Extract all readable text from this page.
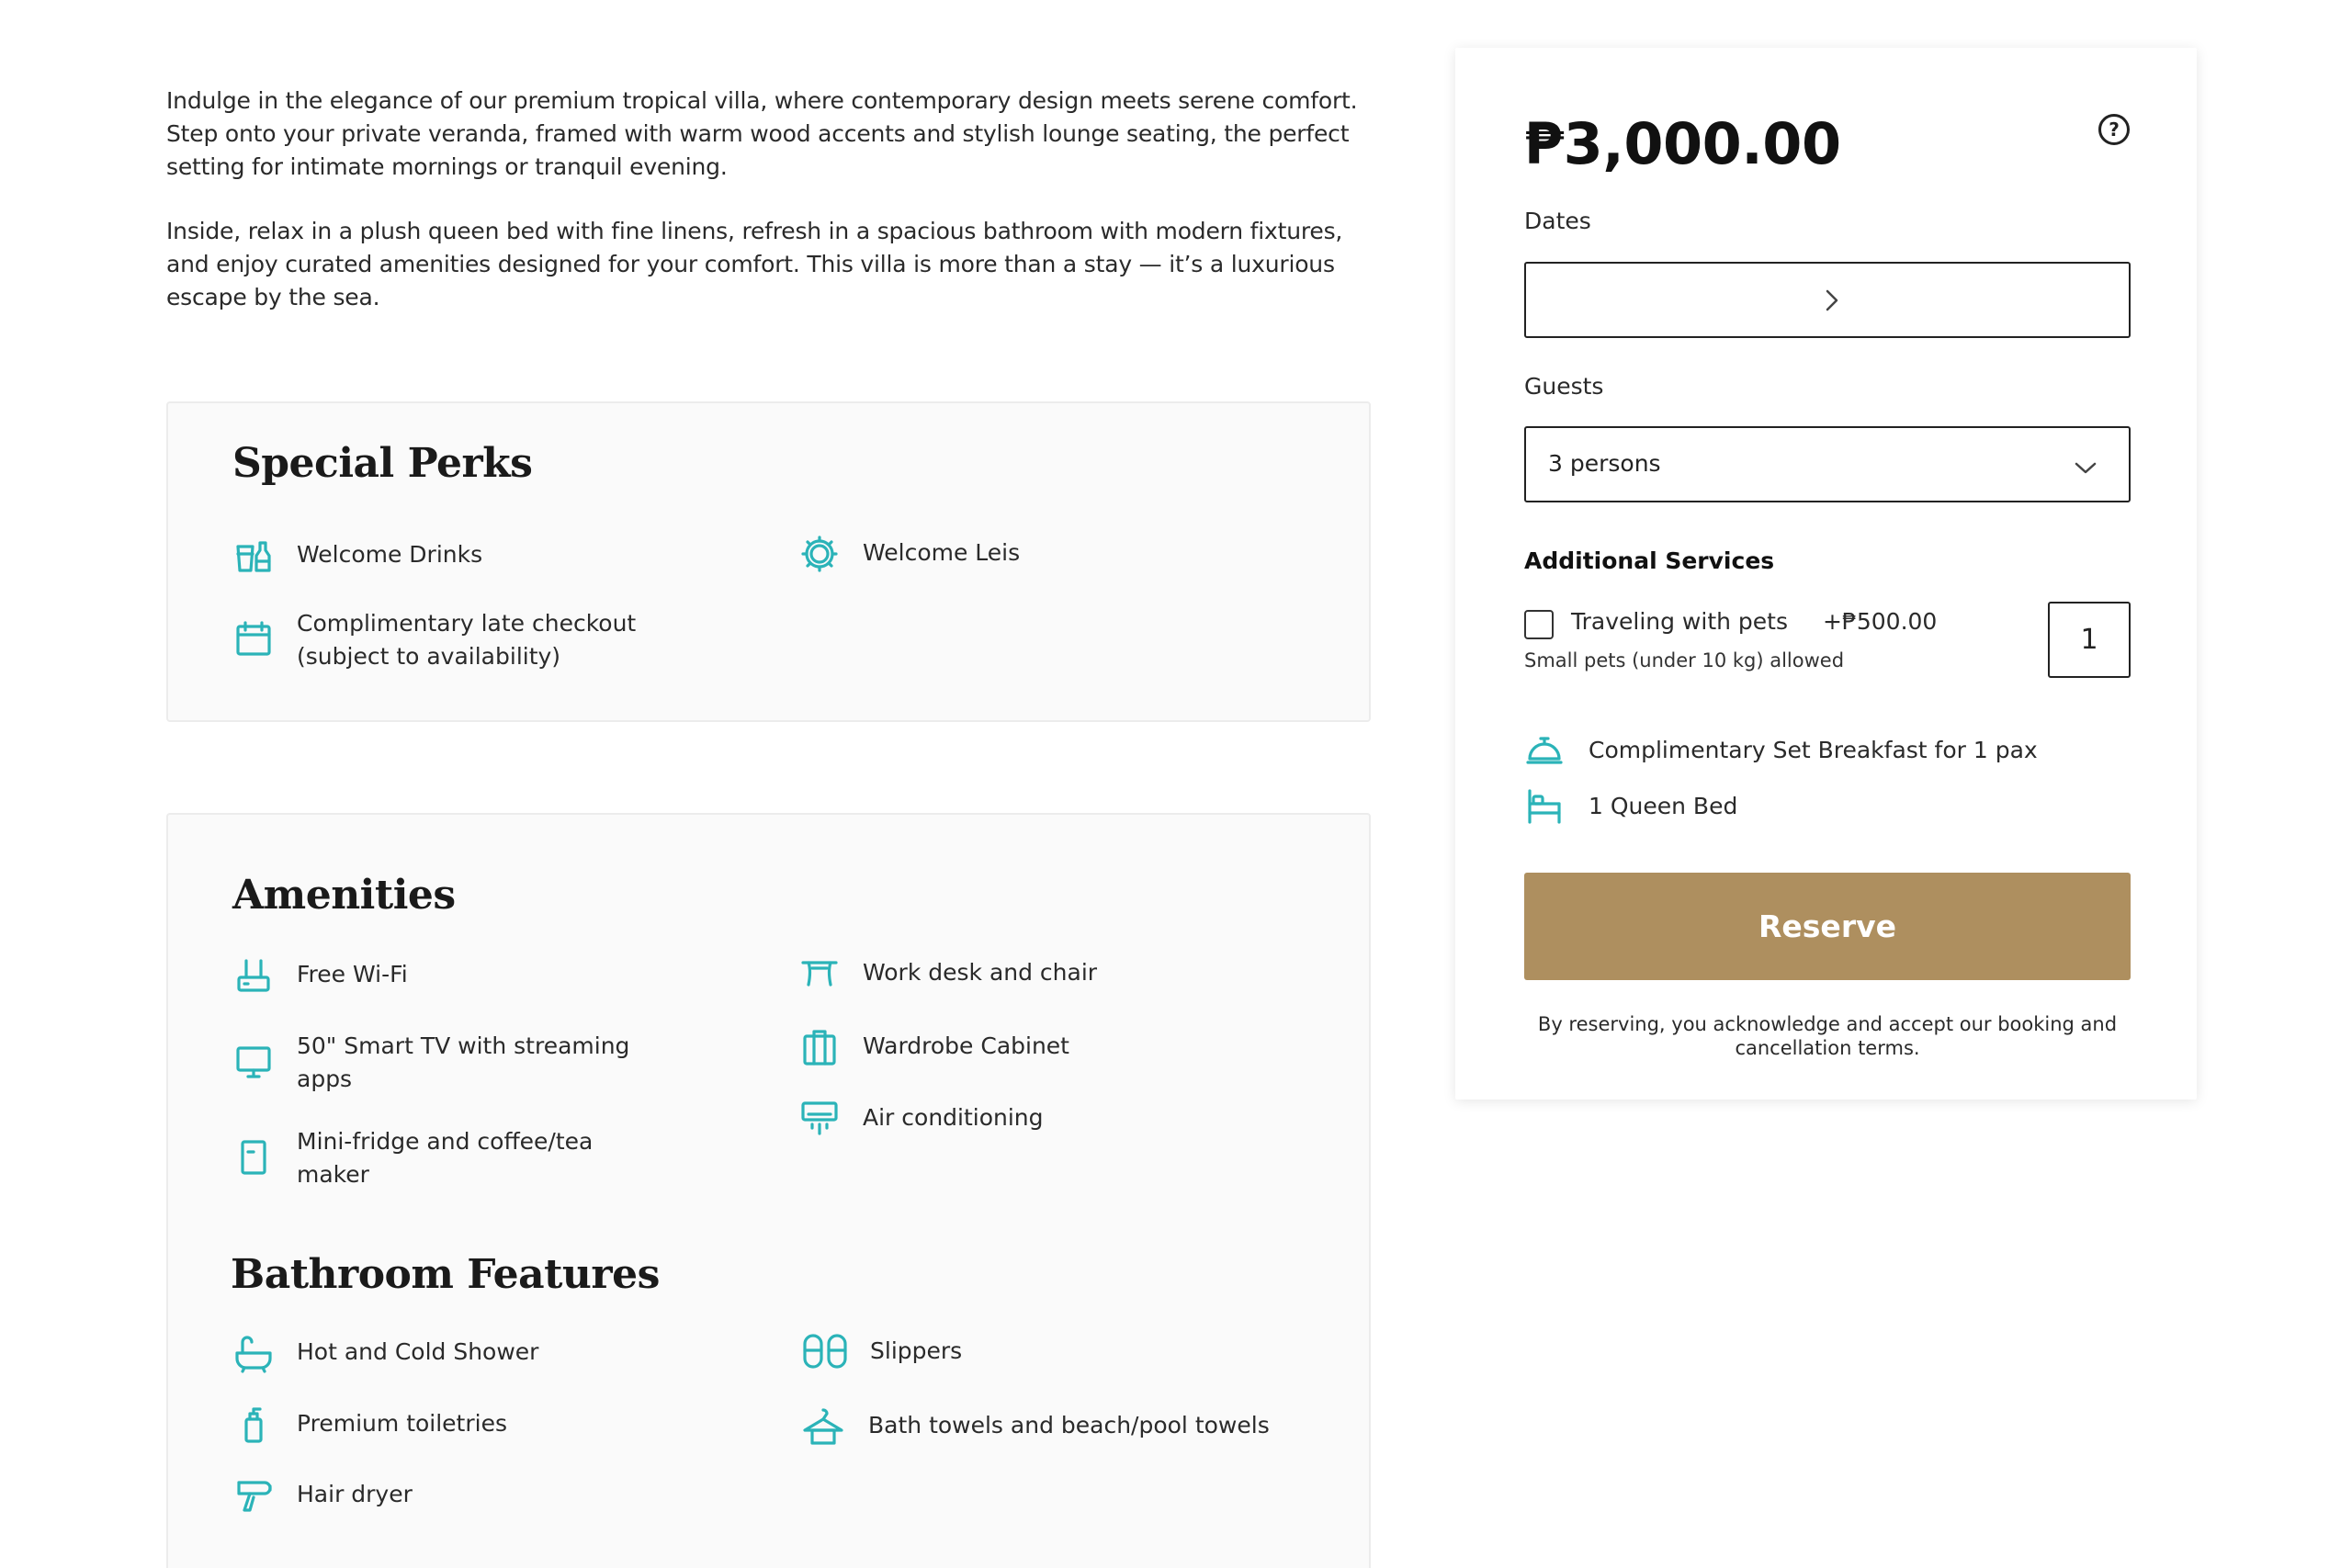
Indulge in the elegance of our premium tropical villa, where contemporary design meets serene comfort. Step onto your private veranda, framed with warm wood accents and stylish lounge seating, the perfect setting for intimate mornings or tranquil evening.

Inside, relax in a plush queen bed with fine linens, refresh in a spacious bathroom with modern fixtures, and enjoy curated amenities designed for your comfort. This villa is more than a stay — it’s a luxurious escape by the sea.

Special Perks
Welcome Drinks	Welcome Leis
Complimentary late checkout (subject to availability)
Amenities
Free Wi-Fi	Work desk and chair
50" Smart TV with streaming apps
Wardrobe Cabinet
Air conditioning
Mini-fridge and coffee/tea maker
Bathroom Features
Hot and Cold Shower	Slippers
Premium toiletries	Bath towels and beach/pool towels
Hair dryer
₱3,000.00	?
Dates
Guests
3 persons
Additional Services
Traveling with pets +₱500.00
Small pets (under 10 kg) allowed
1
Complimentary Set Breakfast for 1 pax
1 Queen Bed
Reserve
By reserving, you acknowledge and accept our booking and cancellation terms.
